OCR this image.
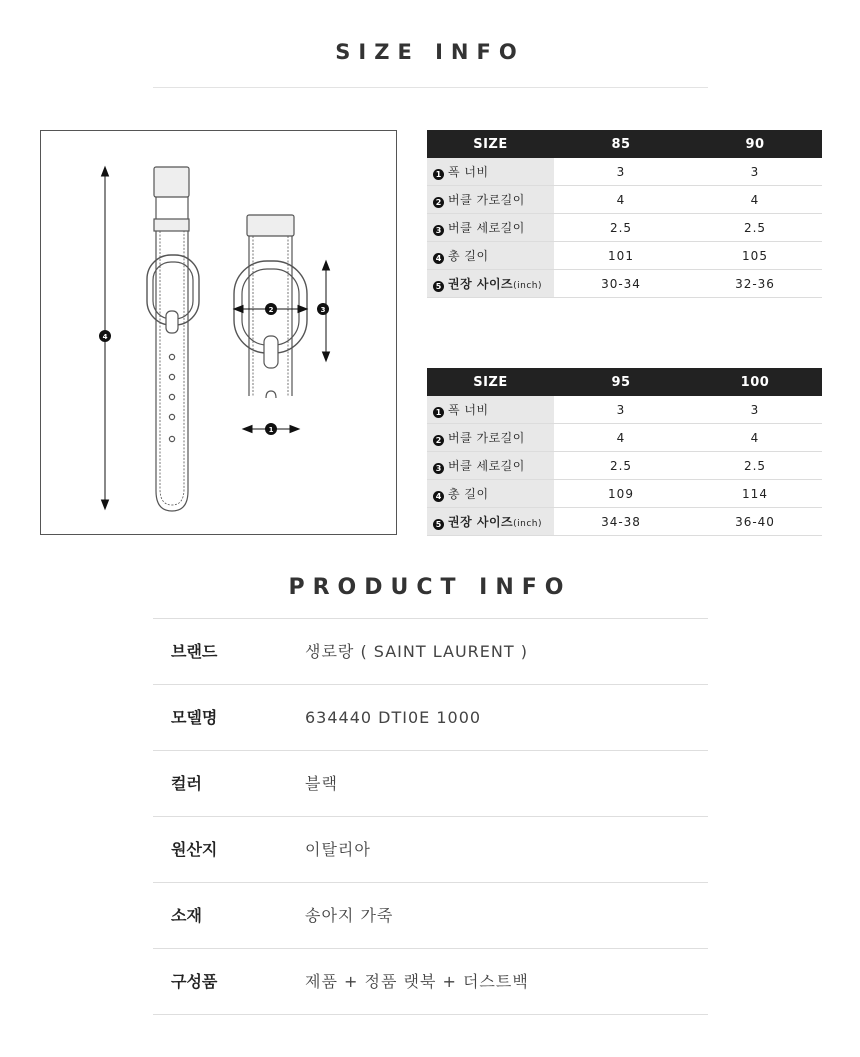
SIZE INFO
4
2	3
1
SIZE	85	90
1 폭 너비	3	3
2 버클 가로길이	4	4
3 버클 세로길이	2.5	2.5
4 총 길이	101	105
5 권장 사이즈(inch)	30-34	32-36
SIZE	95	100
1 폭 너비	3	3
2 버클 가로길이	4	4
3 버클 세로길이	2.5	2.5
4 총 길이	109	114
5 권장 사이즈(inch)	34-38	36-40
PRODUCT INFO
브랜드	생로랑 ( SAINT LAURENT )
모델명	634440 DTI0E 1000
컬러	블랙
원산지	이탈리아
소재	송아지 가죽
구성품	제품 + 정품 랫북 + 더스트백
